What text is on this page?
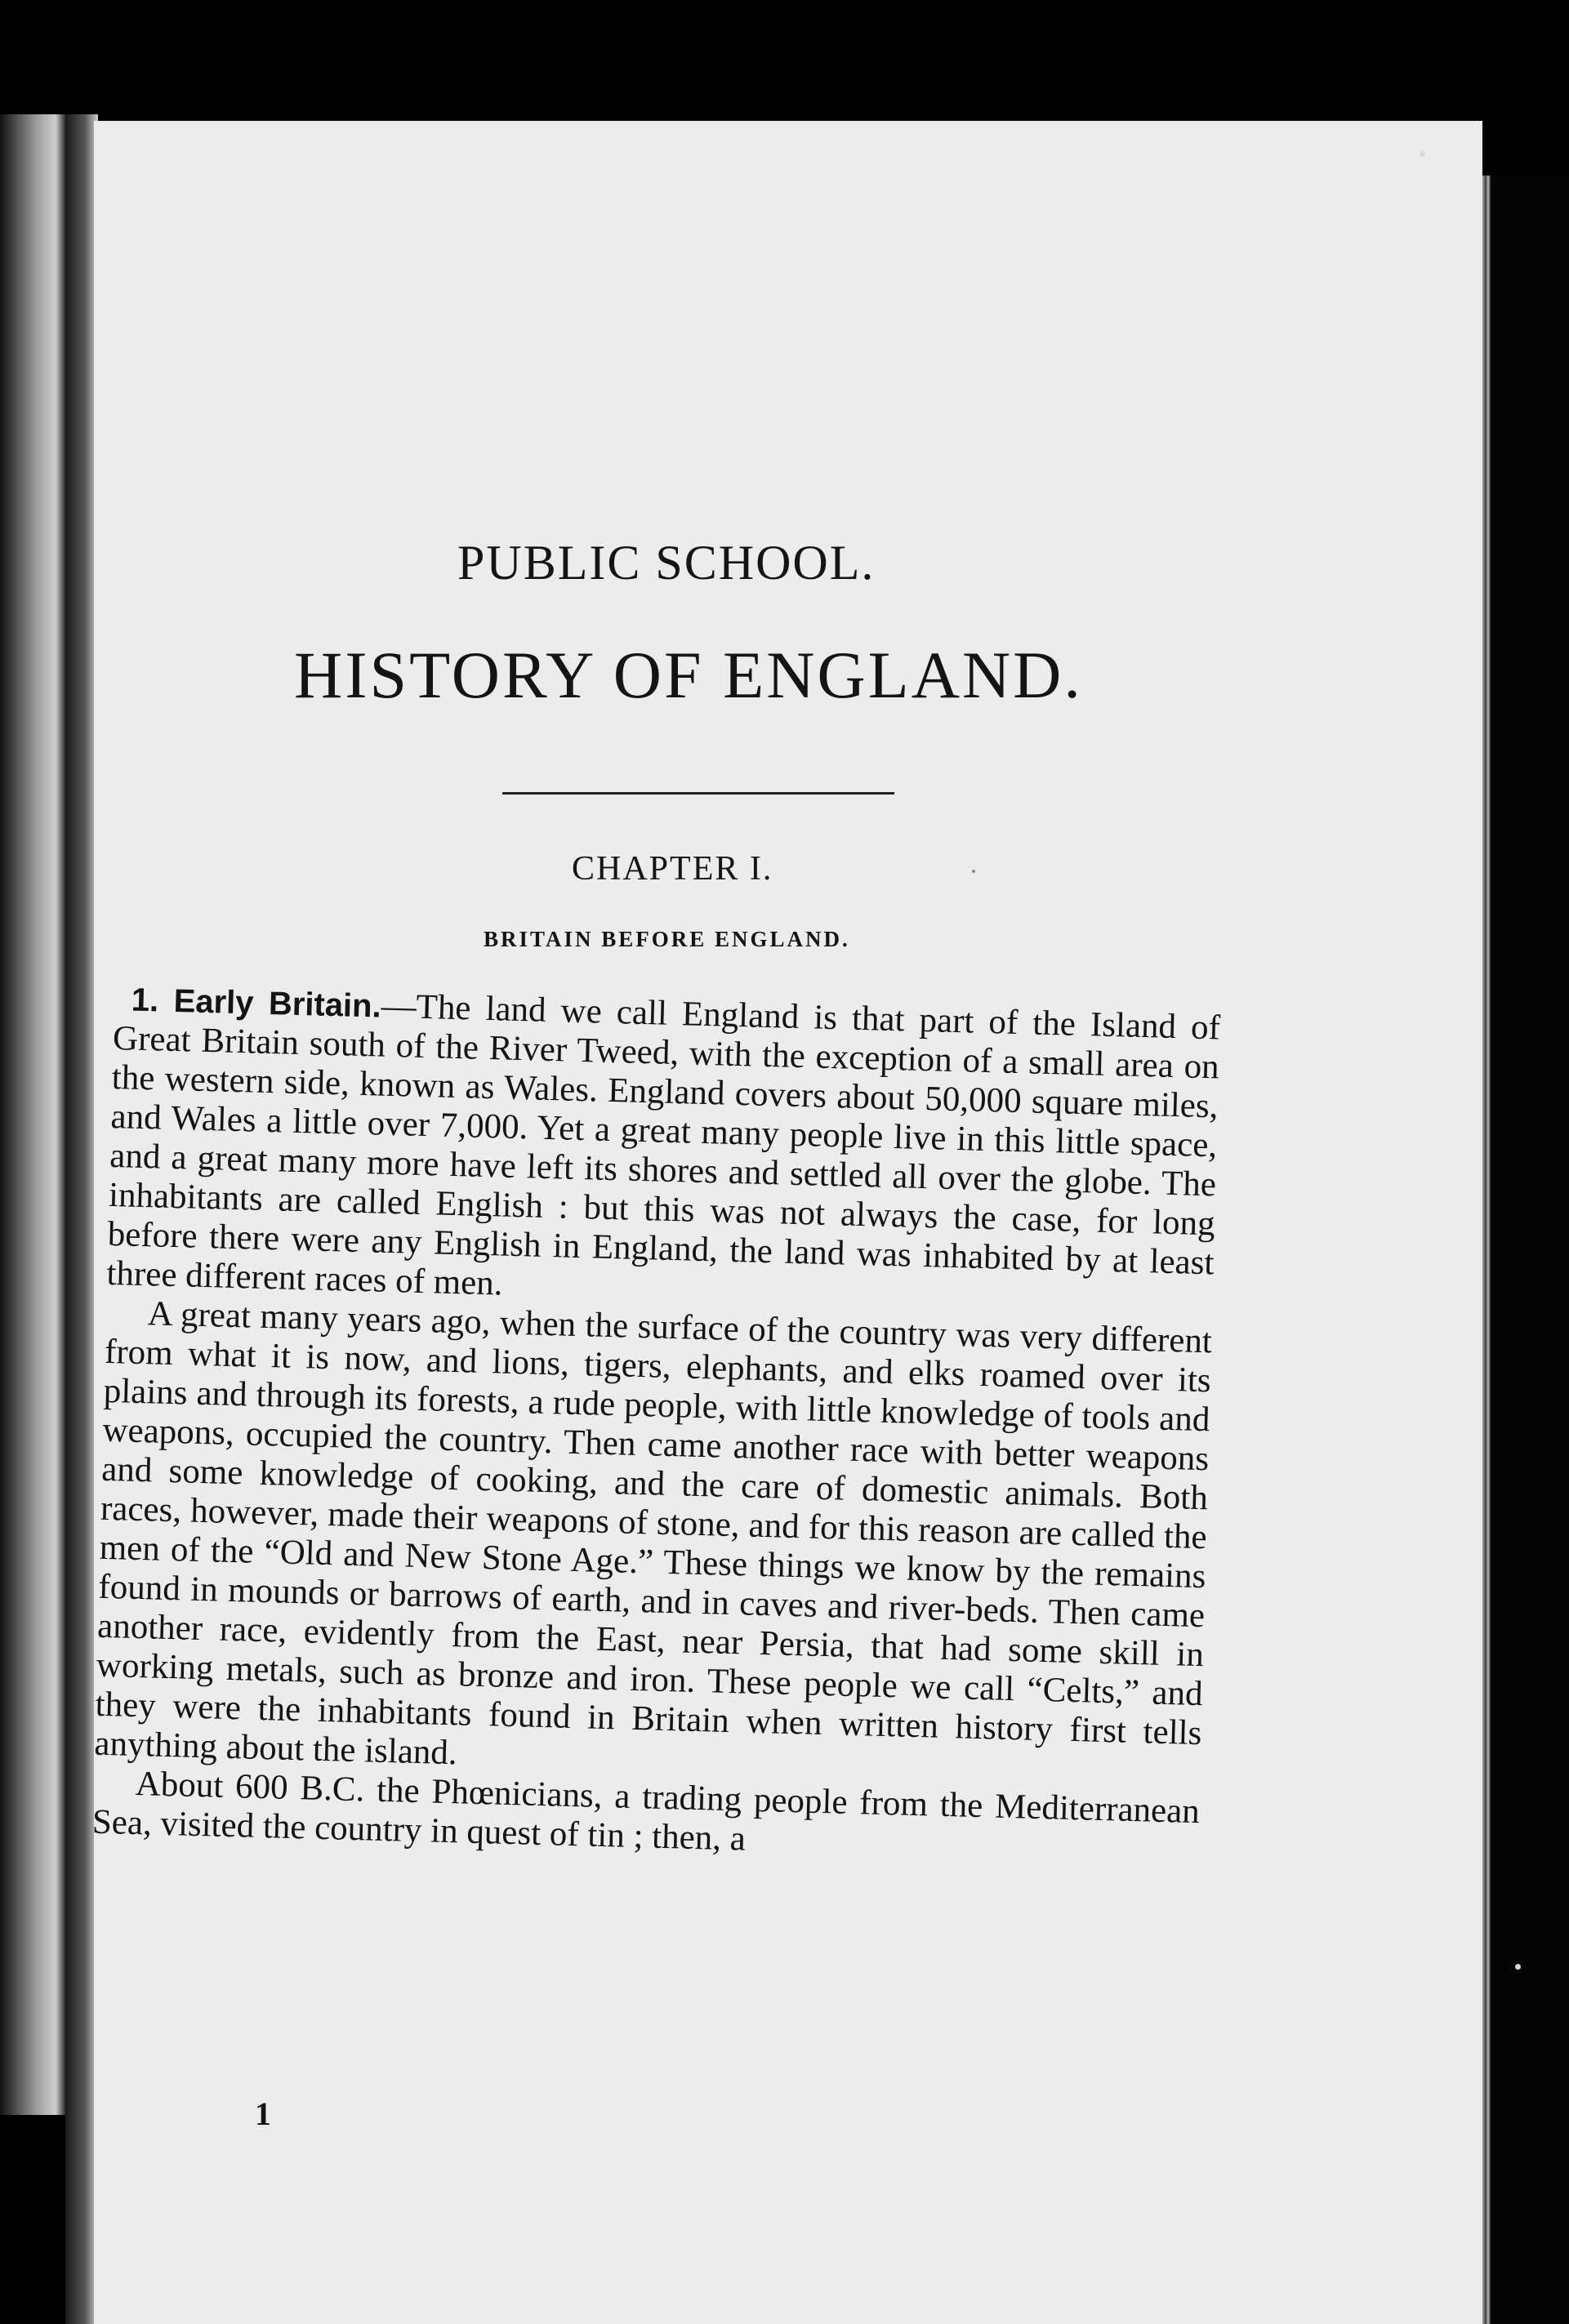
PUBLIC SCHOOL.
HISTORY OF ENGLAND.
CHAPTER I.
BRITAIN BEFORE ENGLAND.

1. Early Britain.—The land we call England is that part of the Island of Great Britain south of the River Tweed, with the exception of a small area on the western side, known as Wales. England covers about 50,000 square miles, and Wales a little over 7,000. Yet a great many people live in this little space, and a great many more have left its shores and settled all over the globe. The inhabitants are called English : but this was not always the case, for long before there were any English in England, the land was inhabited by at least three different races of men.

A great many years ago, when the surface of the country was very different from what it is now, and lions, tigers, elephants, and elks roamed over its plains and through its forests, a rude people, with little knowledge of tools and weapons, occupied the country. Then came another race with better weapons and some knowledge of cooking, and the care of domestic animals. Both races, however, made their weapons of stone, and for this reason are called the men of the “Old and New Stone Age.” These things we know by the remains found in mounds or barrows of earth, and in caves and river-beds. Then came another race, evidently from the East, near Persia, that had some skill in working metals, such as bronze and iron. These people we call “Celts,” and they were the inhabitants found in Britain when written history first tells anything about the island.

About 600 B.C. the Phœnicians, a trading people from the Mediterranean Sea, visited the country in quest of tin ; then, a

1
